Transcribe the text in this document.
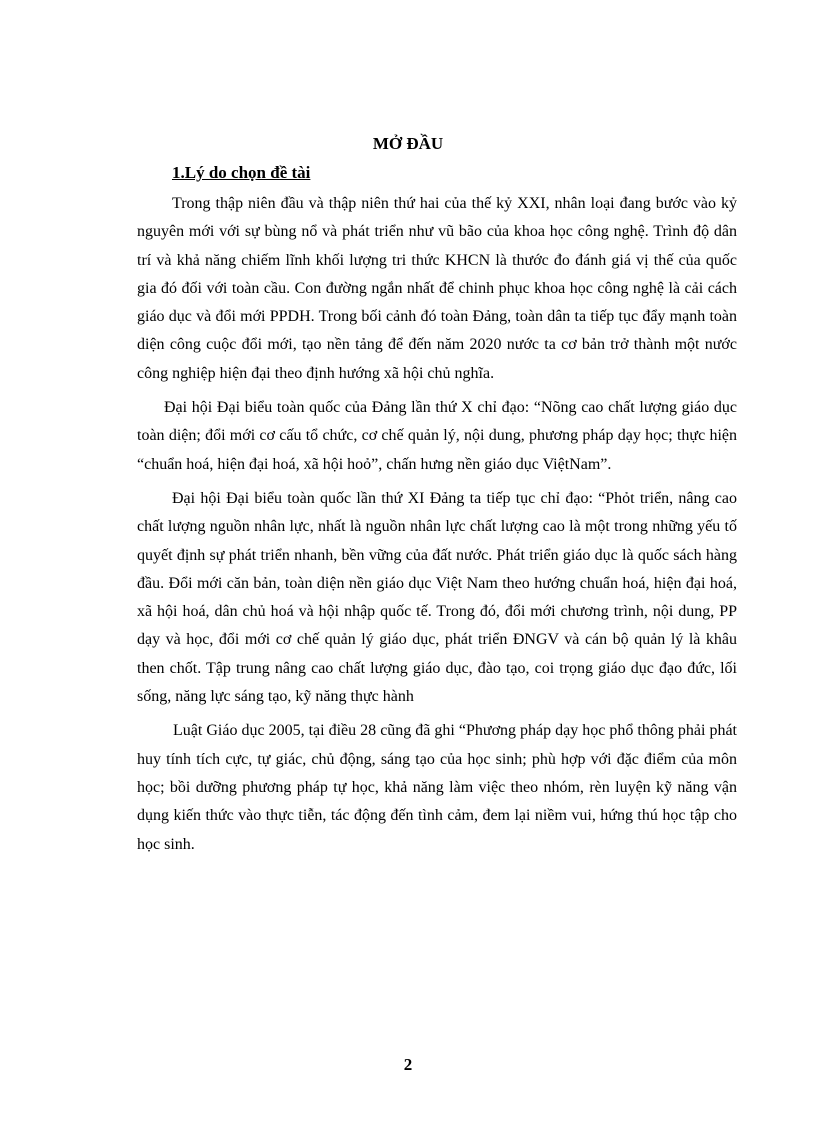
MỞ ĐẦU
1.Lý do chọn đề tài

Trong thập niên đầu và thập niên thứ hai của thế kỷ XXI, nhân loại đang bước vào kỷ nguyên mới với sự bùng nổ và phát triển như vũ bão của khoa học công nghệ. Trình độ dân trí và khả năng chiếm lĩnh khối lượng tri thức KHCN là thước đo đánh giá vị thế của quốc gia đó đối với toàn cầu. Con đường ngắn nhất để chinh phục khoa học công nghệ là cải cách giáo dục và đổi mới PPDH. Trong bối cảnh đó toàn Đảng, toàn dân ta tiếp tục đẩy mạnh toàn diện công cuộc đổi mới, tạo nền tảng để đến năm 2020 nước ta cơ bản trở thành một nước công nghiệp hiện đại theo định hướng xã hội chủ nghĩa.

Đại hội Đại biểu toàn quốc của Đảng lần thứ X chỉ đạo: “Nõng cao chất lượng giáo dục toàn diện; đổi mới cơ cấu tổ chức, cơ chế quản lý, nội dung, phương pháp dạy học; thực hiện “chuẩn hoá, hiện đại hoá, xã hội hoỏ”, chấn hưng nền giáo dục ViệtNam”.

Đại hội Đại biểu toàn quốc lần thứ XI Đảng ta tiếp tục chỉ đạo: “Phỏt triển, nâng cao chất lượng nguồn nhân lực, nhất là nguồn nhân lực chất lượng cao là một trong những yếu tố quyết định sự phát triển nhanh, bền vững của đất nước. Phát triển giáo dục là quốc sách hàng đầu. Đổi mới căn bản, toàn diện nền giáo dục Việt Nam theo hướng chuẩn hoá, hiện đại hoá, xã hội hoá, dân chủ hoá và hội nhập quốc tế. Trong đó, đổi mới chương trình, nội dung, PP dạy và học, đổi mới cơ chế quản lý giáo dục, phát triển ĐNGV và cán bộ quản lý là khâu then chốt. Tập trung nâng cao chất lượng giáo dục, đào tạo, coi trọng giáo dục đạo đức, lối sống, năng lực sáng tạo, kỹ năng thực hành

Luật Giáo dục 2005, tại điều 28 cũng đã ghi “Phương pháp dạy học phổ thông phải phát huy tính tích cực, tự giác, chủ động, sáng tạo của học sinh; phù hợp với đặc điểm của môn học; bồi dưỡng phương pháp tự học, khả năng làm việc theo nhóm, rèn luyện kỹ năng vận dụng kiến thức vào thực tiễn, tác động đến tình cảm, đem lại niềm vui, hứng thú học tập cho học sinh.

2
